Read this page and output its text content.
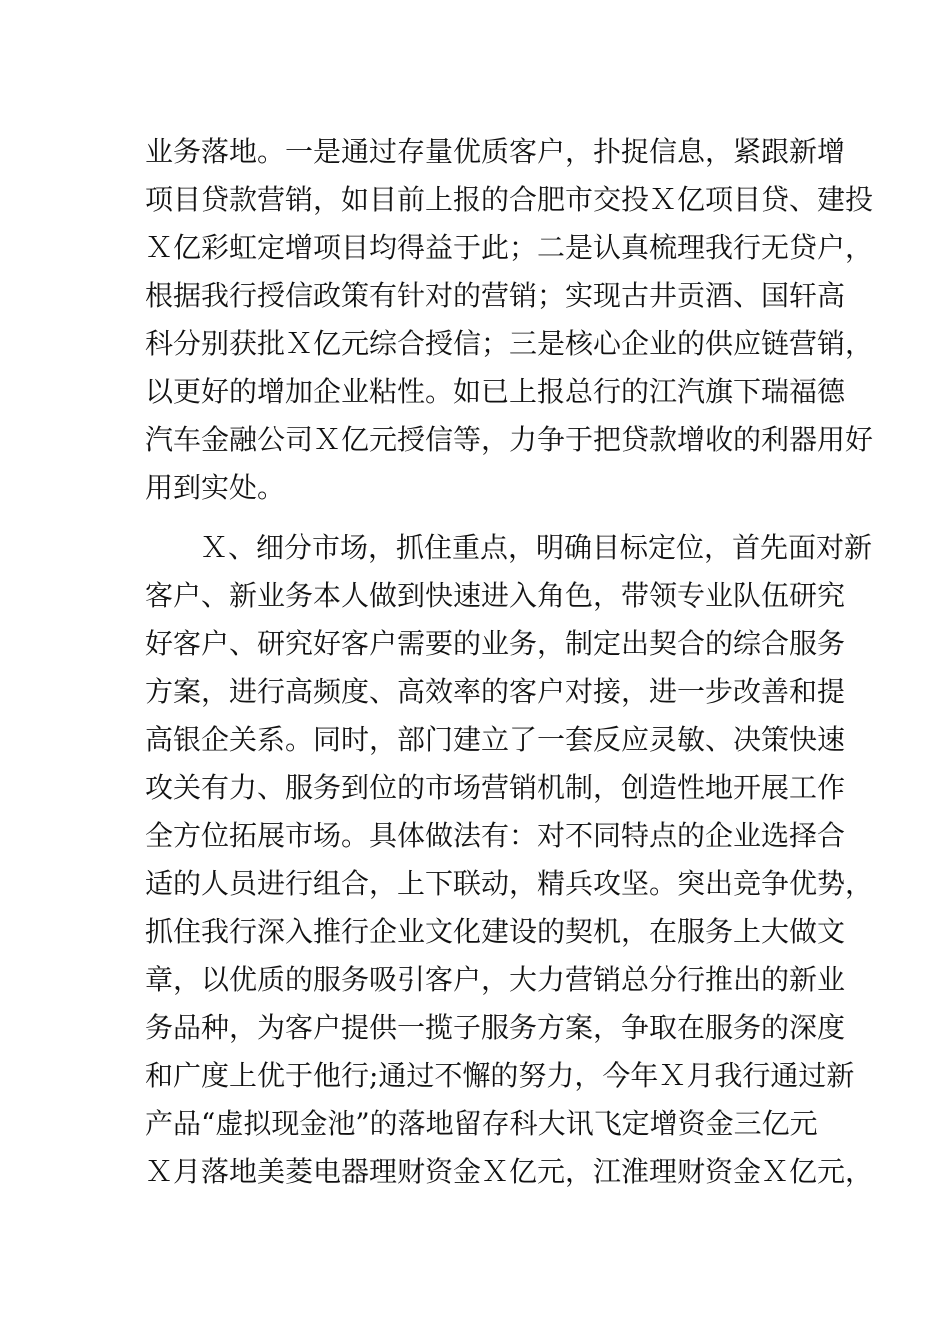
业务落地。一是通过存量优质客户，扑捉信息，紧跟新增
项目贷款营销，如目前上报的合肥市交投Ｘ亿项目贷、建投
Ｘ亿彩虹定增项目均得益于此；二是认真梳理我行无贷户，
根据我行授信政策有针对的营销；实现古井贡酒、国轩高
科分别获批Ｘ亿元综合授信；三是核心企业的供应链营销，
以更好的增加企业粘性。如已上报总行的江汽旗下瑞福德
汽车金融公司Ｘ亿元授信等，力争于把贷款增收的利器用好
用到实处。
Ｘ、细分市场，抓住重点，明确目标定位，首先面对新
客户、新业务本人做到快速进入角色，带领专业队伍研究
好客户、研究好客户需要的业务，制定出契合的综合服务
方案，进行高频度、高效率的客户对接，进一步改善和提
高银企关系。同时，部门建立了一套反应灵敏、决策快速
攻关有力、服务到位的市场营销机制，创造性地开展工作
全方位拓展市场。具体做法有：对不同特点的企业选择合
适的人员进行组合，上下联动，精兵攻坚。突出竞争优势，
抓住我行深入推行企业文化建设的契机，在服务上大做文
章，以优质的服务吸引客户，大力营销总分行推出的新业
务品种，为客户提供一揽子服务方案，争取在服务的深度
和广度上优于他行;通过不懈的努力，今年Ｘ月我行通过新
产品“虚拟现金池”的落地留存科大讯飞定增资金三亿元
Ｘ月落地美菱电器理财资金Ｘ亿元，江淮理财资金Ｘ亿元，
